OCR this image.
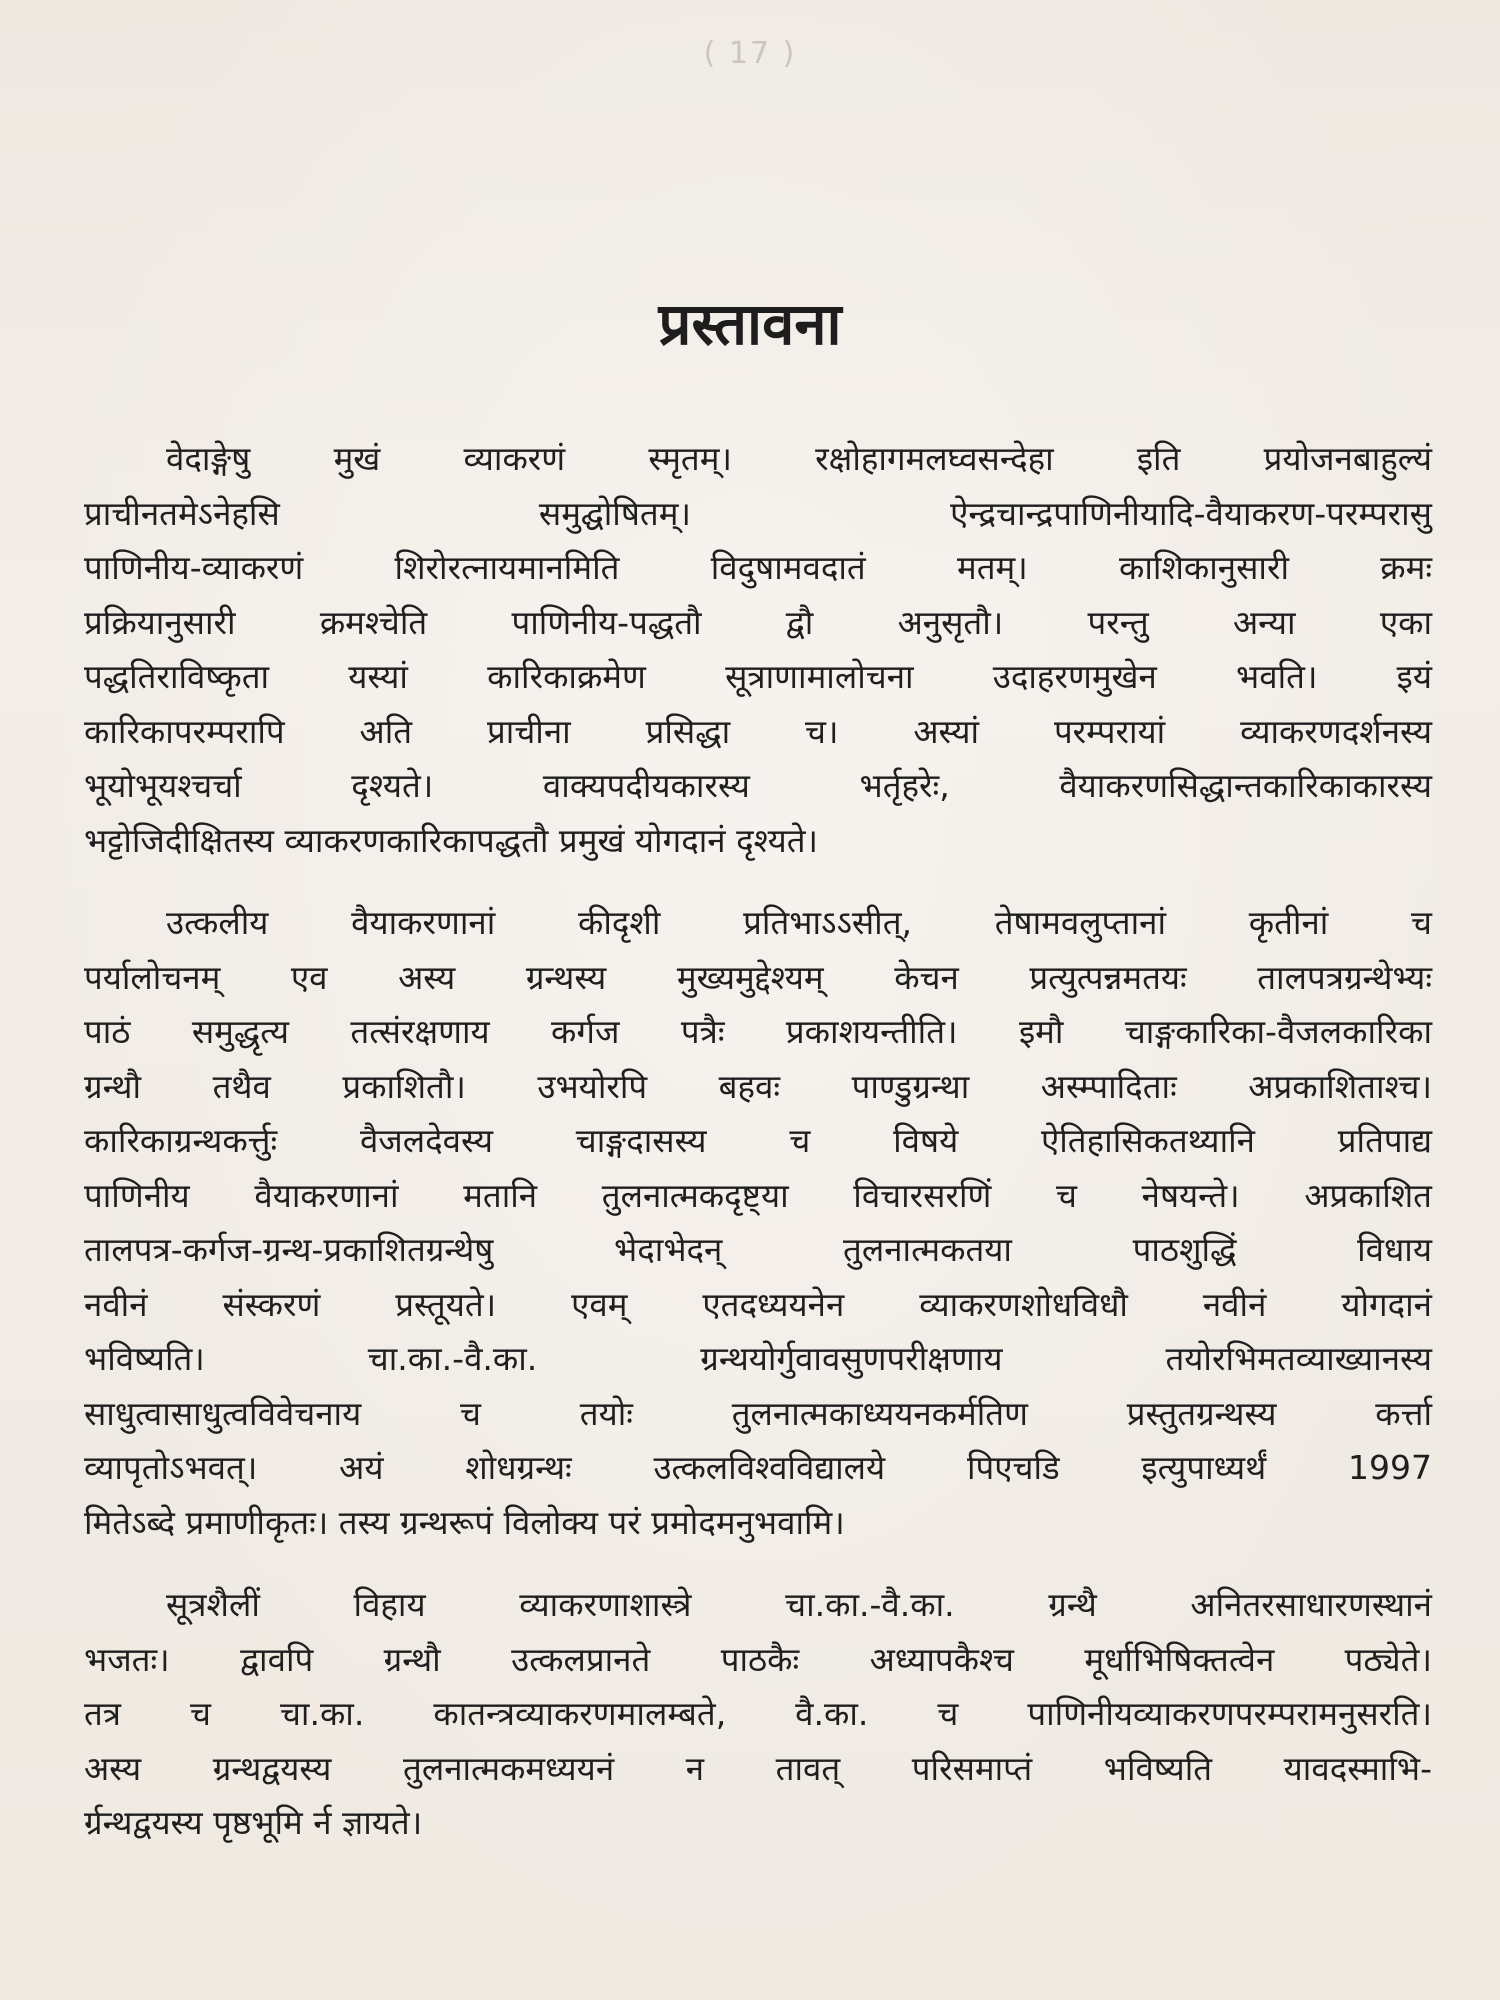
( 17 )
प्रस्तावना

वेदाङ्गेषु मुखं व्याकरणं स्मृतम्। रक्षोहागमलघ्वसन्देहा इति प्रयोजनबाहुल्यं
प्राचीनतमेऽनेहसि समुद्घोषितम्। ऐन्द्रचान्द्रपाणिनीयादि-वैयाकरण-परम्परासु
पाणिनीय-व्याकरणं शिरोरत्नायमानमिति विदुषामवदातं मतम्। काशिकानुसारी क्रमः
प्रक्रियानुसारी क्रमश्चेति पाणिनीय-पद्धतौ द्वौ अनुसृतौ। परन्तु अन्या एका
पद्धतिराविष्कृता यस्यां कारिकाक्रमेण सूत्राणामालोचना उदाहरणमुखेन भवति। इयं
कारिकापरम्परापि अति प्राचीना प्रसिद्धा च। अस्यां परम्परायां व्याकरणदर्शनस्य
भूयोभूयश्चर्चा दृश्यते। वाक्यपदीयकारस्य भर्तृहरेः, वैयाकरणसिद्धान्तकारिकाकारस्य
भट्टोजिदीक्षितस्य व्याकरणकारिकापद्धतौ प्रमुखं योगदानं दृश्यते।

उत्कलीय वैयाकरणानां कीदृशी प्रतिभाऽऽसीत्, तेषामवलुप्तानां कृतीनां च
पर्यालोचनम् एव अस्य ग्रन्थस्य मुख्यमुद्देश्यम् केचन प्रत्युत्पन्नमतयः तालपत्रग्रन्थेभ्यः
पाठं समुद्धृत्य तत्संरक्षणाय कर्गज पत्रैः प्रकाशयन्तीति। इमौ चाङ्गकारिका-वैजलकारिका
ग्रन्थौ तथैव प्रकाशितौ। उभयोरपि बहवः पाण्डुग्रन्था अस्म्पादिताः अप्रकाशिताश्च।
कारिकाग्रन्थकर्त्तुः वैजलदेवस्य चाङ्गदासस्य च विषये ऐतिहासिकतथ्यानि प्रतिपाद्य
पाणिनीय वैयाकरणानां मतानि तुलनात्मकदृष्ट्या विचारसरणिं च नेषयन्ते। अप्रकाशित
तालपत्र-कर्गज-ग्रन्थ-प्रकाशितग्रन्थेषु भेदाभेदन् तुलनात्मकतया पाठशुद्धिं विधाय
नवीनं संस्करणं प्रस्तूयते। एवम् एतदध्ययनेन व्याकरणशोधविधौ नवीनं योगदानं
भविष्यति। चा.का.-वै.का. ग्रन्थयोर्गुवावसुणपरीक्षणाय तयोरभिमतव्याख्यानस्य
साधुत्वासाधुत्वविवेचनाय च तयोः तुलनात्मकाध्ययनकर्मतिण प्रस्तुतग्रन्थस्य कर्त्ता
व्यापृतोऽभवत्। अयं शोधग्रन्थः उत्कलविश्वविद्यालये पिएचडि इत्युपाध्यर्थं 1997
मितेऽब्दे प्रमाणीकृतः। तस्य ग्रन्थरूपं विलोक्य परं प्रमोदमनुभवामि।

सूत्रशैलीं विहाय व्याकरणाशास्त्रे चा.का.-वै.का. ग्रन्थै अनितरसाधारणस्थानं
भजतः। द्वावपि ग्रन्थौ उत्कलप्रानते पाठकैः अध्यापकैश्च मूर्धाभिषिक्तत्वेन पठ्येते।
तत्र च चा.का. कातन्त्रव्याकरणमालम्बते, वै.का. च पाणिनीयव्याकरणपरम्परामनुसरति।
अस्य ग्रन्थद्वयस्य तुलनात्मकमध्ययनं न तावत् परिसमाप्तं भविष्यति यावदस्माभि-
र्ग्रन्थद्वयस्य पृष्ठभूमि र्न ज्ञायते।
